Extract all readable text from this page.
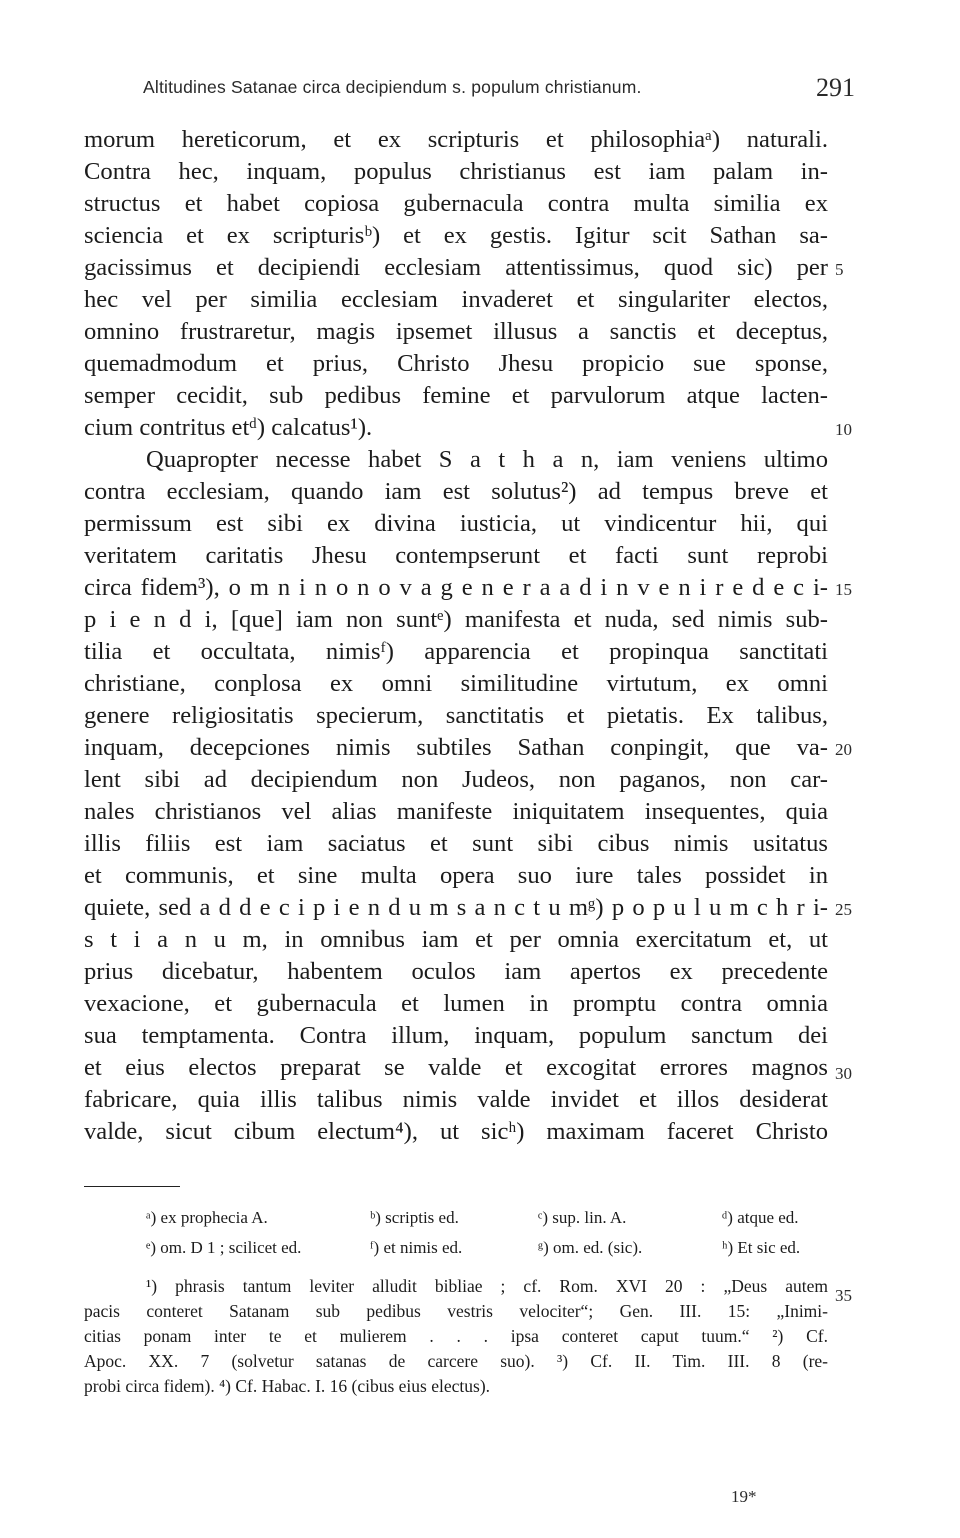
Altitudines Satanae circa decipiendum s. populum christianum.	291
morum hereticorum, et ex scripturis et philosophiaᵃ) naturali.
Contra hec, inquam, populus christianus est iam palam in-
structus et habet copiosa gubernacula contra multa similia ex
sciencia et ex scripturisᵇ) et ex gestis. Igitur scit Sathan sa-
gacissimus et decipiendi ecclesiam attentissimus, quod sic) per
hec vel per similia ecclesiam invaderet et singulariter electos,
omnino frustraretur, magis ipsemet illusus a sanctis et deceptus,
quemadmodum et prius, Christo Jhesu propicio sue sponse,
semper cecidit, sub pedibus femine et parvulorum atque lacten-
cium contritus etᵈ) calcatus¹).
Quapropter necesse habet S a t h a n, iam veniens ultimo
contra ecclesiam, quando iam est solutus²) ad tempus breve et
permissum est sibi ex divina iusticia, ut vindicentur hii, qui
veritatem caritatis Jhesu contempserunt et facti sunt reprobi
circa fidem³), o m n i n o n o v a g e n e r a a d i n v e n i r e d e c i-
p i e n d i, [que] iam non suntᵉ) manifesta et nuda, sed nimis sub-
tilia et occultata, nimisᶠ) apparencia et propinqua sanctitati
christiane, conplosa ex omni similitudine virtutum, ex omni
genere religiositatis specierum, sanctitatis et pietatis. Ex talibus,
inquam, decepciones nimis subtiles Sathan conpingit, que va-
lent sibi ad decipiendum non Judeos, non paganos, non car-
nales christianos vel alias manifeste iniquitatem insequentes, quia
illis filiis est iam saciatus et sunt sibi cibus nimis usitatus
et communis, et sine multa opera suo iure tales possidet in
quiete, sed a d d e c i p i e n d u m s a n c t u mᵍ) p o p u l u m c h r i-
s t i a n u m, in omnibus iam et per omnia exercitatum et, ut
prius dicebatur, habentem oculos iam apertos ex precedente
vexacione, et gubernacula et lumen in promptu contra omnia
sua temptamenta. Contra illum, inquam, populum sanctum dei
et eius electos preparat se valde et excogitat errores magnos
fabricare, quia illis talibus nimis valde invidet et illos desiderat
valde, sicut cibum electum⁴), ut sicʰ) maximam faceret Christo
5
10
15
20
25
30
35
ᵃ) ex prophecia A.	ᵇ) scriptis ed.	ᶜ) sup. lin. A.	ᵈ) atque ed.
ᵉ) om. D 1 ; scilicet ed.	ᶠ) et nimis ed.	ᵍ) om. ed. (sic).	ʰ) Et sic ed.
¹) phrasis tantum leviter alludit bibliae ; cf. Rom. XVI 20 : „Deus autem
pacis conteret Satanam sub pedibus vestris velociter“; Gen. III. 15: „Inimi-
citias ponam inter te et mulierem . . . ipsa conteret caput tuum.“ ²) Cf.
Apoc. XX. 7 (solvetur satanas de carcere suo). ³) Cf. II. Tim. III. 8 (re-
probi circa fidem). ⁴) Cf. Habac. I. 16 (cibus eius electus).
19*
